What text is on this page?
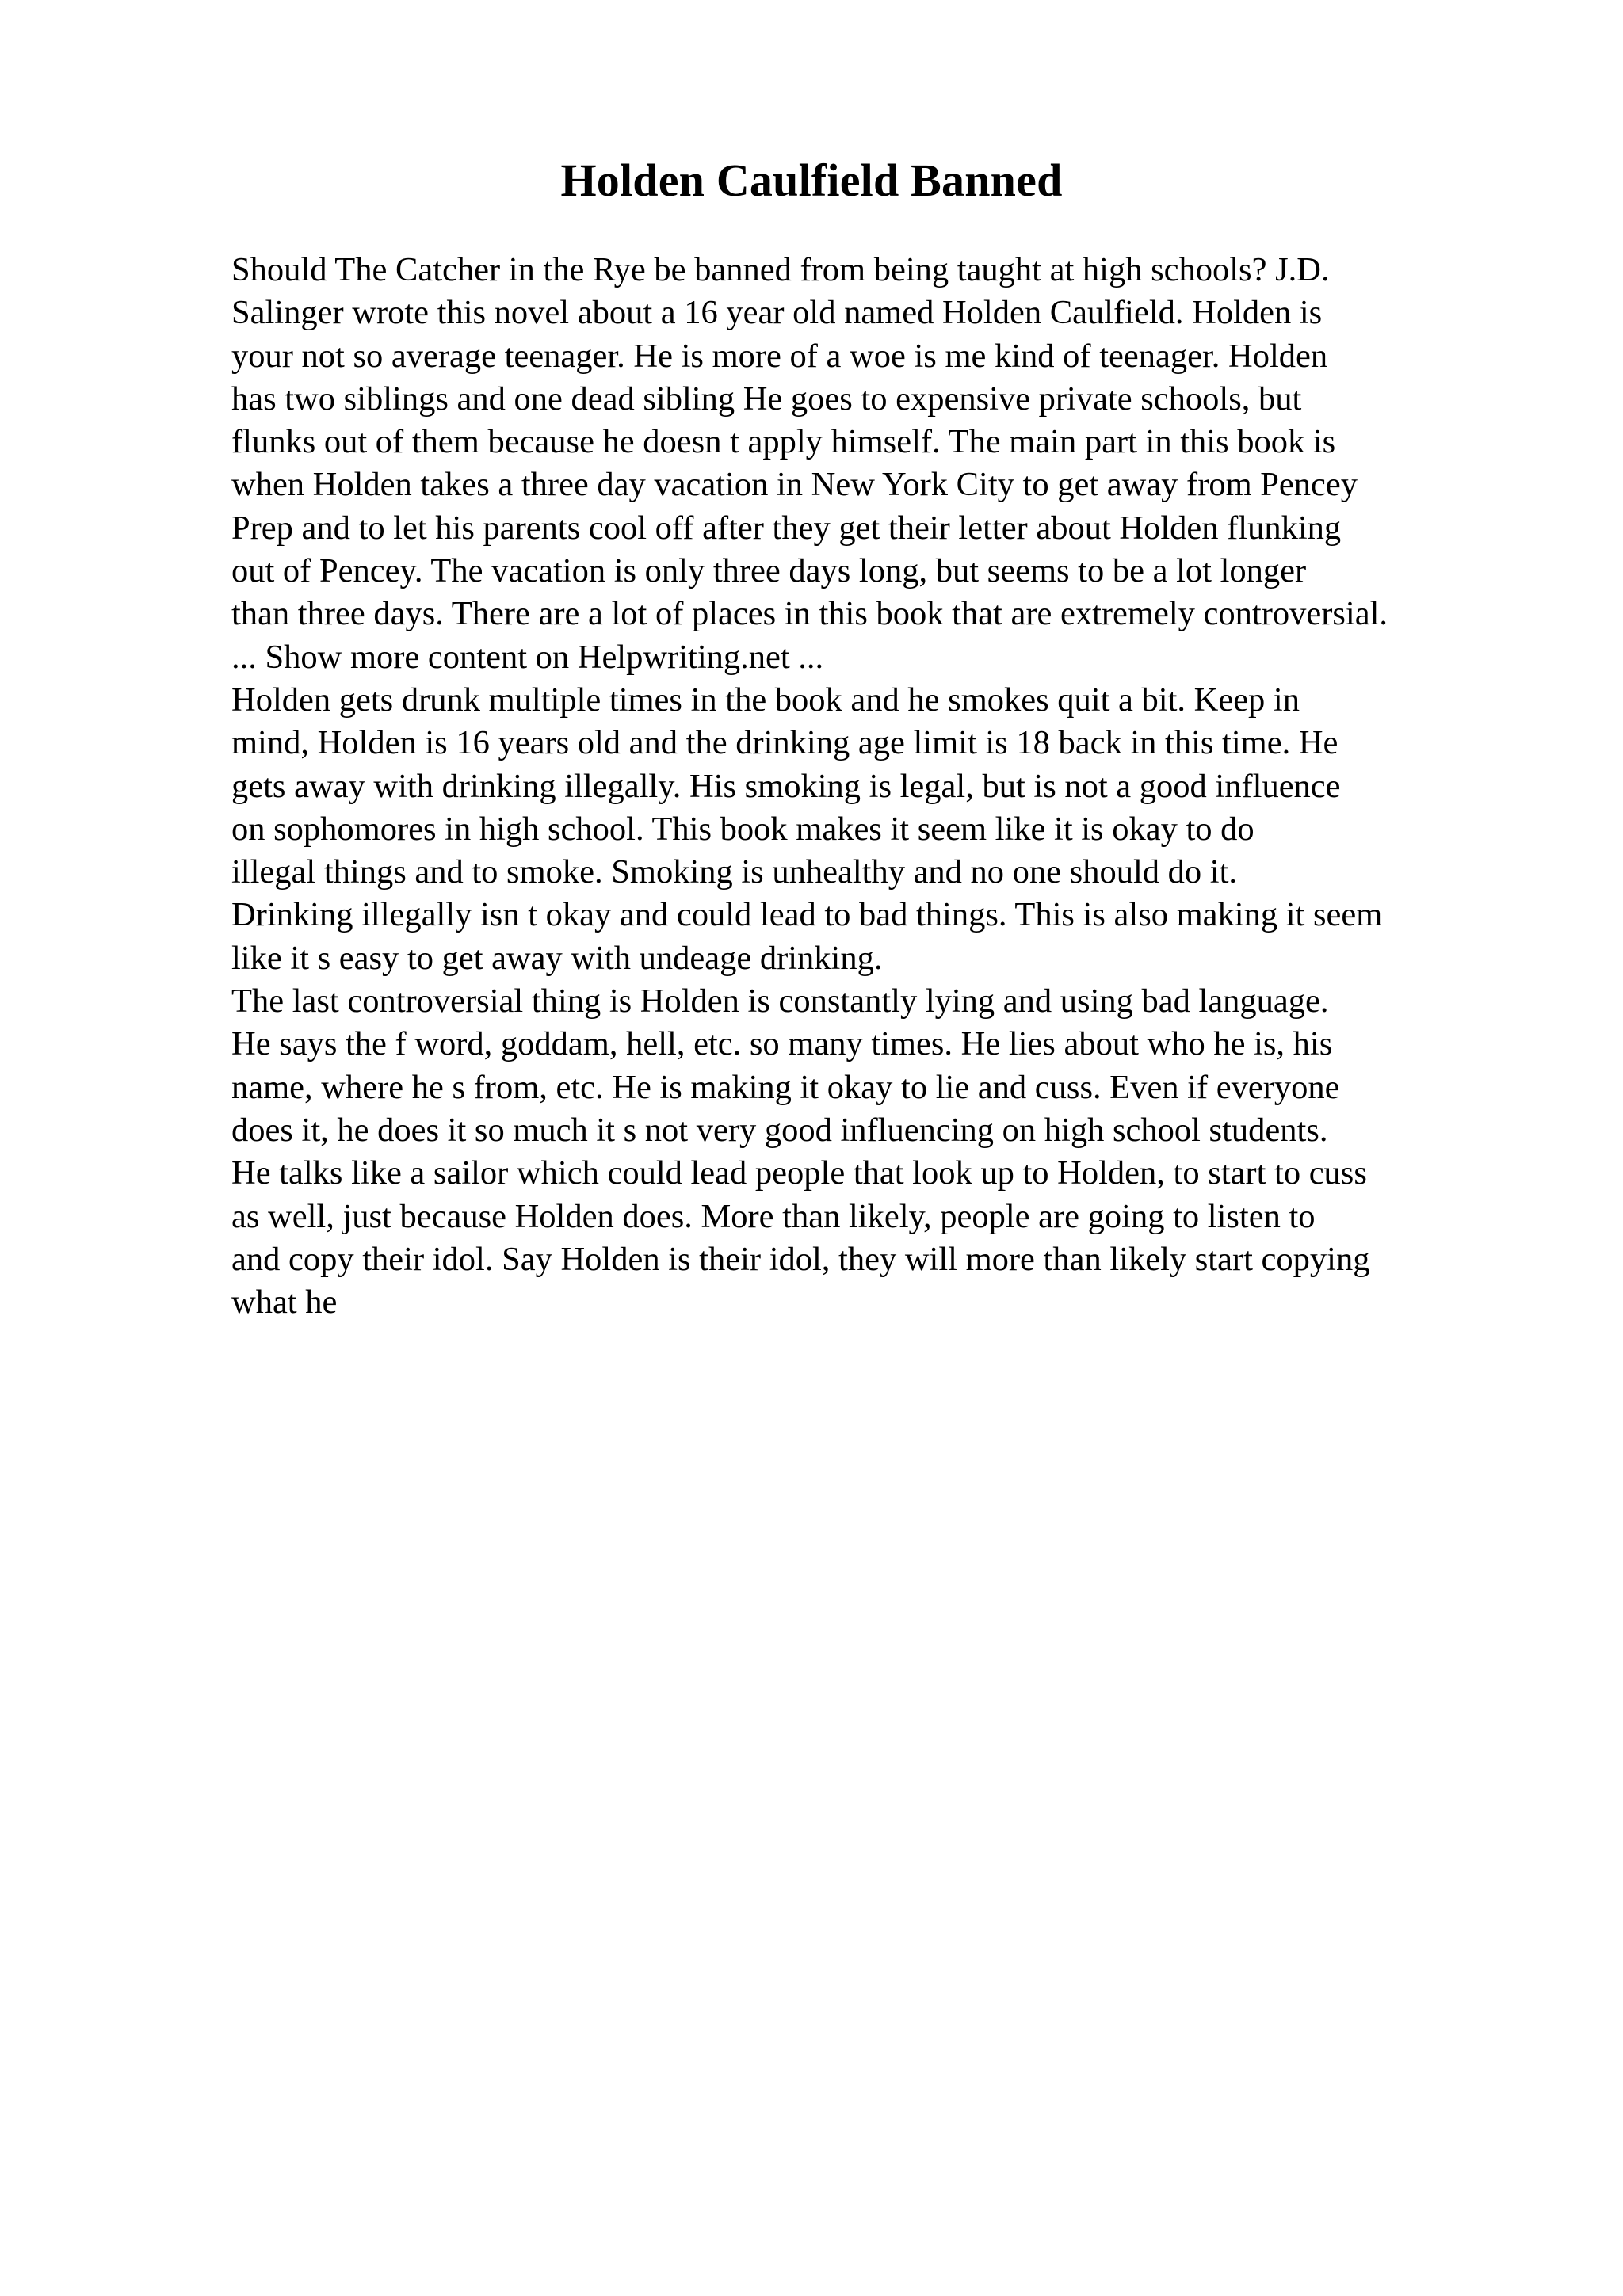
Holden Caulfield Banned
Should The Catcher in the Rye be banned from being taught at high schools? J.D.
Salinger wrote this novel about a 16 year old named Holden Caulfield. Holden is
your not so average teenager. He is more of a woe is me kind of teenager. Holden
has two siblings and one dead sibling He goes to expensive private schools, but
flunks out of them because he doesn t apply himself. The main part in this book is
when Holden takes a three day vacation in New York City to get away from Pencey
Prep and to let his parents cool off after they get their letter about Holden flunking
out of Pencey. The vacation is only three days long, but seems to be a lot longer
than three days. There are a lot of places in this book that are extremely controversial.
... Show more content on Helpwriting.net ...
Holden gets drunk multiple times in the book and he smokes quit a bit. Keep in
mind, Holden is 16 years old and the drinking age limit is 18 back in this time. He
gets away with drinking illegally. His smoking is legal, but is not a good influence
on sophomores in high school. This book makes it seem like it is okay to do
illegal things and to smoke. Smoking is unhealthy and no one should do it.
Drinking illegally isn t okay and could lead to bad things. This is also making it seem
like it s easy to get away with undeage drinking.
The last controversial thing is Holden is constantly lying and using bad language.
He says the f word, goddam, hell, etc. so many times. He lies about who he is, his
name, where he s from, etc. He is making it okay to lie and cuss. Even if everyone
does it, he does it so much it s not very good influencing on high school students.
He talks like a sailor which could lead people that look up to Holden, to start to cuss
as well, just because Holden does. More than likely, people are going to listen to
and copy their idol. Say Holden is their idol, they will more than likely start copying
what he
